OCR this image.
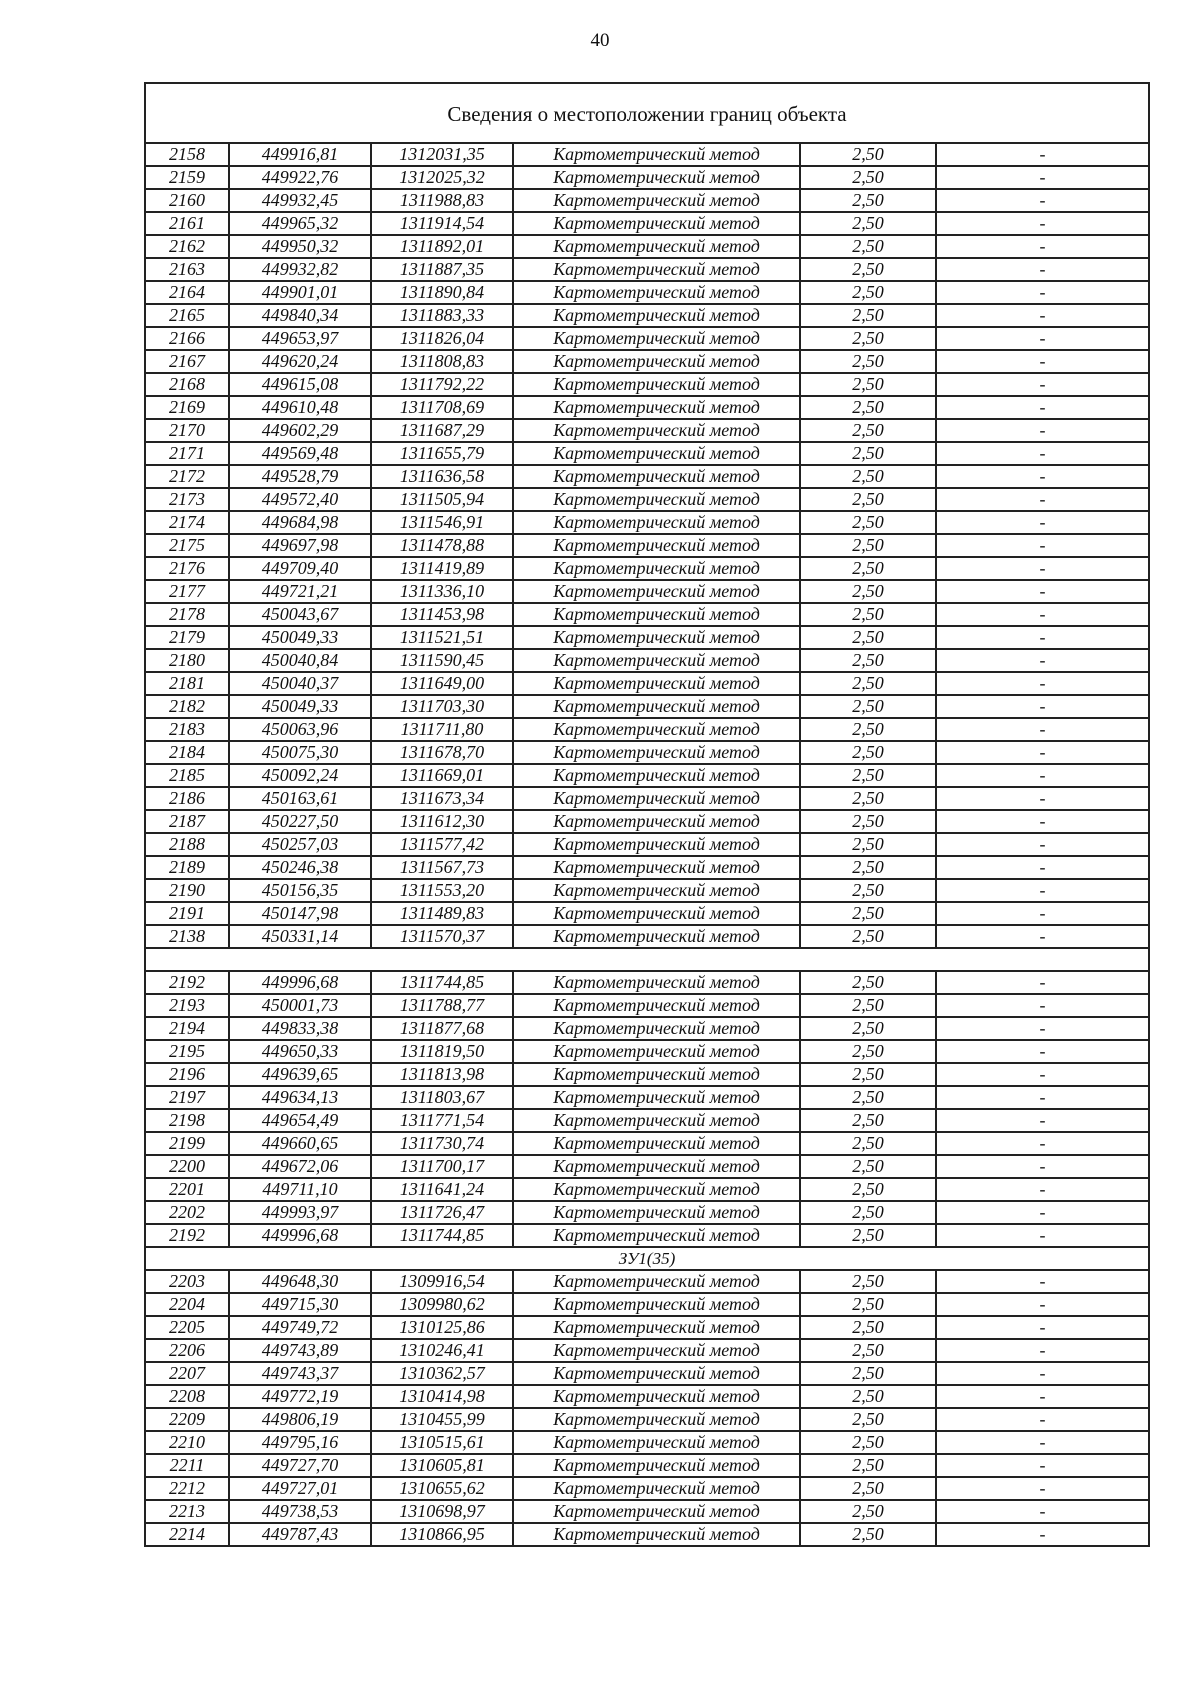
40
Сведения о местоположении границ объекта					
2158	449916,81	1312031,35	Картометрический метод	2,50	-
2159	449922,76	1312025,32	Картометрический метод	2,50	-
2160	449932,45	1311988,83	Картометрический метод	2,50	-
2161	449965,32	1311914,54	Картометрический метод	2,50	-
2162	449950,32	1311892,01	Картометрический метод	2,50	-
2163	449932,82	1311887,35	Картометрический метод	2,50	-
2164	449901,01	1311890,84	Картометрический метод	2,50	-
2165	449840,34	1311883,33	Картометрический метод	2,50	-
2166	449653,97	1311826,04	Картометрический метод	2,50	-
2167	449620,24	1311808,83	Картометрический метод	2,50	-
2168	449615,08	1311792,22	Картометрический метод	2,50	-
2169	449610,48	1311708,69	Картометрический метод	2,50	-
2170	449602,29	1311687,29	Картометрический метод	2,50	-
2171	449569,48	1311655,79	Картометрический метод	2,50	-
2172	449528,79	1311636,58	Картометрический метод	2,50	-
2173	449572,40	1311505,94	Картометрический метод	2,50	-
2174	449684,98	1311546,91	Картометрический метод	2,50	-
2175	449697,98	1311478,88	Картометрический метод	2,50	-
2176	449709,40	1311419,89	Картометрический метод	2,50	-
2177	449721,21	1311336,10	Картометрический метод	2,50	-
2178	450043,67	1311453,98	Картометрический метод	2,50	-
2179	450049,33	1311521,51	Картометрический метод	2,50	-
2180	450040,84	1311590,45	Картометрический метод	2,50	-
2181	450040,37	1311649,00	Картометрический метод	2,50	-
2182	450049,33	1311703,30	Картометрический метод	2,50	-
2183	450063,96	1311711,80	Картометрический метод	2,50	-
2184	450075,30	1311678,70	Картометрический метод	2,50	-
2185	450092,24	1311669,01	Картометрический метод	2,50	-
2186	450163,61	1311673,34	Картометрический метод	2,50	-
2187	450227,50	1311612,30	Картометрический метод	2,50	-
2188	450257,03	1311577,42	Картометрический метод	2,50	-
2189	450246,38	1311567,73	Картометрический метод	2,50	-
2190	450156,35	1311553,20	Картометрический метод	2,50	-
2191	450147,98	1311489,83	Картометрический метод	2,50	-
2138	450331,14	1311570,37	Картометрический метод	2,50	-

2192	449996,68	1311744,85	Картометрический метод	2,50	-
2193	450001,73	1311788,77	Картометрический метод	2,50	-
2194	449833,38	1311877,68	Картометрический метод	2,50	-
2195	449650,33	1311819,50	Картометрический метод	2,50	-
2196	449639,65	1311813,98	Картометрический метод	2,50	-
2197	449634,13	1311803,67	Картометрический метод	2,50	-
2198	449654,49	1311771,54	Картометрический метод	2,50	-
2199	449660,65	1311730,74	Картометрический метод	2,50	-
2200	449672,06	1311700,17	Картометрический метод	2,50	-
2201	449711,10	1311641,24	Картометрический метод	2,50	-
2202	449993,97	1311726,47	Картометрический метод	2,50	-
2192	449996,68	1311744,85	Картометрический метод	2,50	-
ЗУ1(35)					
2203	449648,30	1309916,54	Картометрический метод	2,50	-
2204	449715,30	1309980,62	Картометрический метод	2,50	-
2205	449749,72	1310125,86	Картометрический метод	2,50	-
2206	449743,89	1310246,41	Картометрический метод	2,50	-
2207	449743,37	1310362,57	Картометрический метод	2,50	-
2208	449772,19	1310414,98	Картометрический метод	2,50	-
2209	449806,19	1310455,99	Картометрический метод	2,50	-
2210	449795,16	1310515,61	Картометрический метод	2,50	-
2211	449727,70	1310605,81	Картометрический метод	2,50	-
2212	449727,01	1310655,62	Картометрический метод	2,50	-
2213	449738,53	1310698,97	Картометрический метод	2,50	-
2214	449787,43	1310866,95	Картометрический метод	2,50	-
